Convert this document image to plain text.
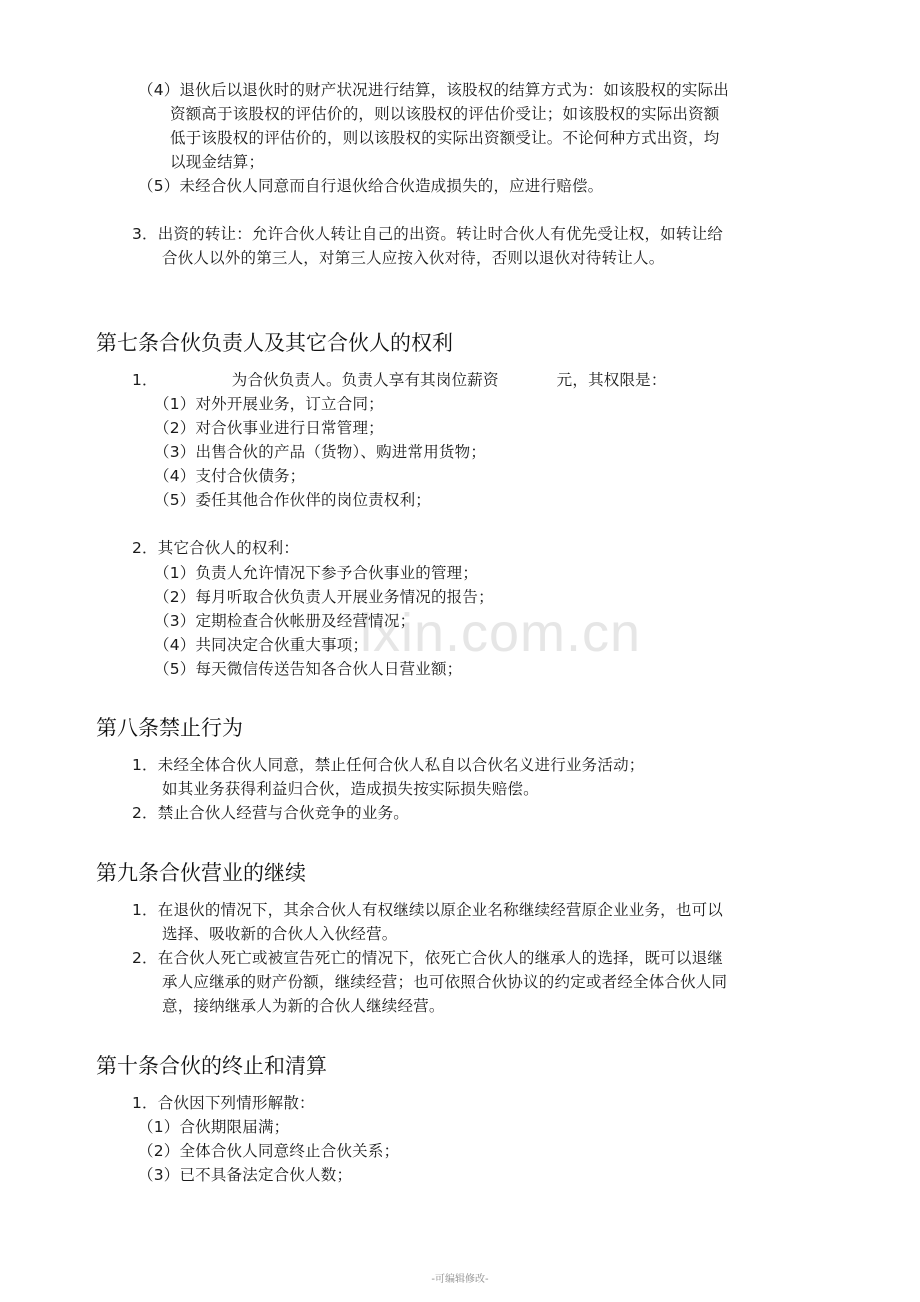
lxin.com.cn
（4）退伙后以退伙时的财产状况进行结算，该股权的结算方式为：如该股权的实际出
资额高于该股权的评估价的，则以该股权的评估价受让；如该股权的实际出资额
低于该股权的评估价的，则以该股权的实际出资额受让。不论何种方式出资，均
以现金结算；
（5）未经合伙人同意而自行退伙给合伙造成损失的，应进行赔偿。
3．出资的转让：允许合伙人转让自己的出资。转让时合伙人有优先受让权，如转让给
合伙人以外的第三人，对第三人应按入伙对待，否则以退伙对待转让人。
第七条合伙负责人及其它合伙人的权利
1．	为合伙负责人。负责人享有其岗位薪资	元，其权限是：
（1）对外开展业务，订立合同；
（2）对合伙事业进行日常管理；
（3）出售合伙的产品（货物）、购进常用货物；
（4）支付合伙债务；
（5）委任其他合作伙伴的岗位责权利；
2．其它合伙人的权利：
（1）负责人允许情况下参予合伙事业的管理；
（2）每月听取合伙负责人开展业务情况的报告；
（3）定期检查合伙帐册及经营情况；
（4）共同决定合伙重大事项；
（5）每天微信传送告知各合伙人日营业额；
第八条禁止行为
1．未经全体合伙人同意，禁止任何合伙人私自以合伙名义进行业务活动；
如其业务获得利益归合伙，造成损失按实际损失赔偿。
2．禁止合伙人经营与合伙竞争的业务。
第九条合伙营业的继续
1．在退伙的情况下，其余合伙人有权继续以原企业名称继续经营原企业业务，也可以
选择、吸收新的合伙人入伙经营。
2．在合伙人死亡或被宣告死亡的情况下，依死亡合伙人的继承人的选择，既可以退继
承人应继承的财产份额，继续经营；也可依照合伙协议的约定或者经全体合伙人同
意，接纳继承人为新的合伙人继续经营。
第十条合伙的终止和清算
1．合伙因下列情形解散：
（1）合伙期限届满；
（2）全体合伙人同意终止合伙关系；
（3）已不具备法定合伙人数；
-可编辑修改-
